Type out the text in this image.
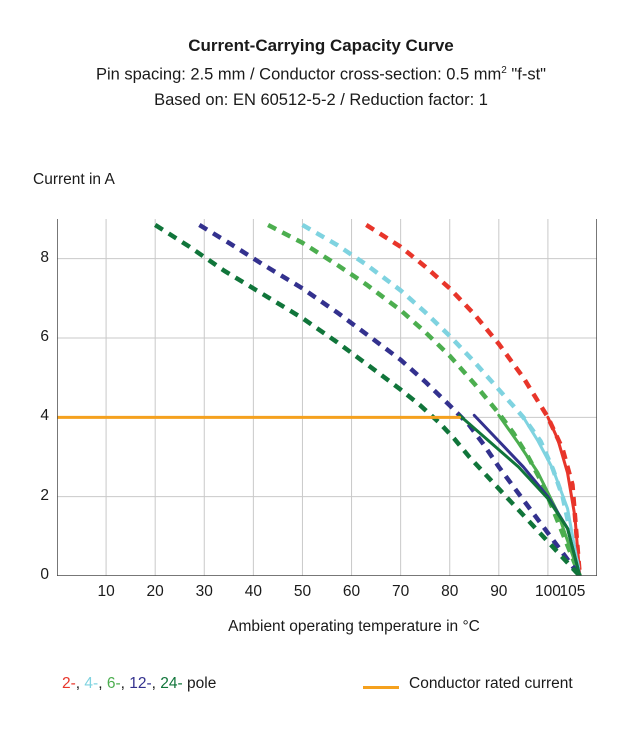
Current-Carrying Capacity Curve
Pin spacing: 2.5 mm / Conductor cross-section: 0.5 $mm^2$ "f-st"
Based on: EN 60512-5-2 / Reduction factor: 1
Current in A
Ambient operating temperature in °C
0
2
4
6
8
10	20	30	40	50	60	70	80	90	100
105
2-, 4-, 6-, 12-, 24- pole	Conductor rated current
